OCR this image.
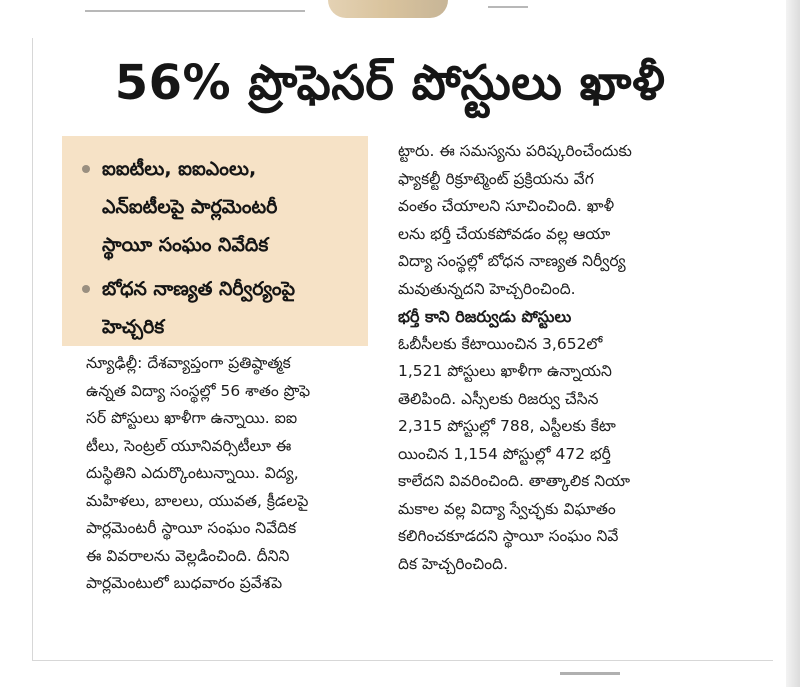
56% ప్రొఫెసర్ పోస్టులు ఖాళీ
ఐఐటీలు, ఐఐఎంలు,
ఎన్ఐటీలపై పార్లమెంటరీ
స్థాయీ సంఘం నివేదిక
బోధన నాణ్యత నిర్వీర్యంపై
హెచ్చరిక
న్యూఢిల్లీ: దేశవ్యాప్తంగా ప్రతిష్ఠాత్మక
ఉన్నత విద్యా సంస్థల్లో 56 శాతం ప్రొఫె
సర్ పోస్టులు ఖాళీగా ఉన్నాయి. ఐఐ
టీలు, సెంట్రల్ యూనివర్సిటీలూ ఈ
దుస్థితిని ఎదుర్కొంటున్నాయి. విద్య,
మహిళలు, బాలలు, యువత, క్రీడలపై
పార్లమెంటరీ స్థాయీ సంఘం నివేదిక
ఈ వివరాలను వెల్లడించింది. దీనిని
పార్లమెంటులో బుధవారం ప్రవేశపె
ట్టారు. ఈ సమస్యను పరిష్కరించేందుకు
ఫ్యాకల్టీ రిక్రూట్మెంట్ ప్రక్రియను వేగ
వంతం చేయాలని సూచించింది. ఖాళీ
లను భర్తీ చేయకపోవడం వల్ల ఆయా
విద్యా సంస్థల్లో బోధన నాణ్యత నిర్వీర్య
మవుతున్నదని హెచ్చరించింది.
భర్తీ కాని రిజర్వుడు పోస్టులు
ఓబీసీలకు కేటాయించిన 3,652లో
1,521 పోస్టులు ఖాళీగా ఉన్నాయని
తెలిపింది. ఎస్సీలకు రిజర్వు చేసిన
2,315 పోస్టుల్లో 788, ఎస్టీలకు కేటా
యించిన 1,154 పోస్టుల్లో 472 భర్తీ
కాలేదని వివరించింది. తాత్కాలిక నియా
మకాల వల్ల విద్యా స్వేచ్ఛకు విఘాతం
కలిగించకూడదని స్థాయీ సంఘం నివే
దిక హెచ్చరించింది.
